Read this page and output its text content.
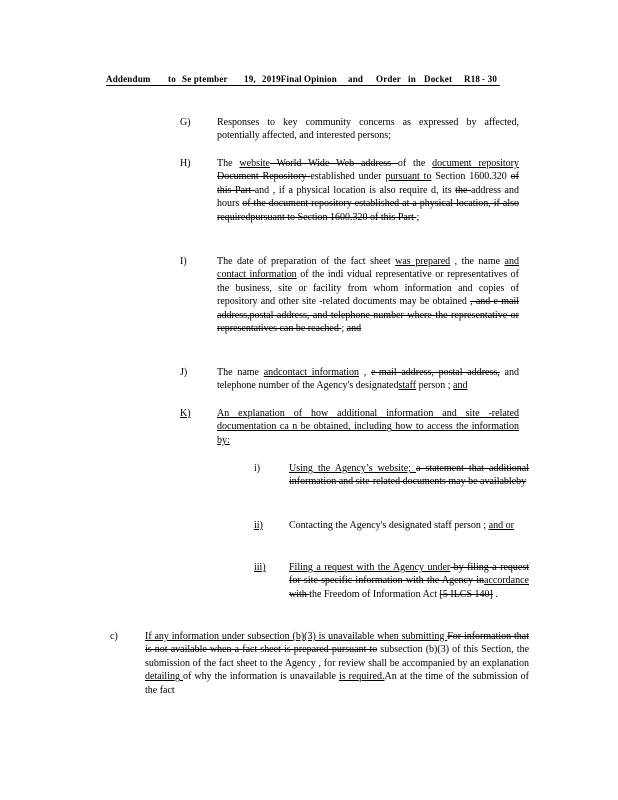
Addendum to Se ptember 19, 2019Final Opinion and Order in Docket R18 - 30
G)	Responses to key community concerns as expressed by affected, potentially affected, and interested persons;
H)	The website World Wide Web address of the document repository Document Repository established under pursuant to Section 1600.320 of this Part and , if a physical location is also require d, its the address and hours of the document repository established at a physical location, if also requiredpursuant to Section 1600.320 of this Part ;
I)	The date of preparation of the fact sheet was prepared , the name and contact information of the indi vidual representative or representatives of the business, site or facility from whom information and copies of repository and other site -related documents may be obtained , and e-mail address,postal address, and telephone number where the representative or representatives can be reached ; and
J)	The name andcontact information , e-mail address, postal address, and telephone number of the Agency's designatedstaff person ; and
K)	An explanation of how additional information and site -related documentation ca n be obtained, including how to access the information by:
i)	Using the Agency’s website; a statement that additional information and site-related documents may be availableby
ii)	Contacting the Agency's designated staff person ; and or
iii) Filing a request with the Agency under by filing a request for site specific information with the Agency inaccordance with the Freedom of Information Act [5 ILCS 140] .
c)	If any information under subsection (b)(3) is unavailable when submitting For information that is not available when a fact sheet is prepared pursuant to subsection (b)(3) of this Section, the submission of the fact sheet to the Agency , for review shall be accompanied by an explanation detailing of why the information is unavailable is required.An at the time of the submission of the fact
